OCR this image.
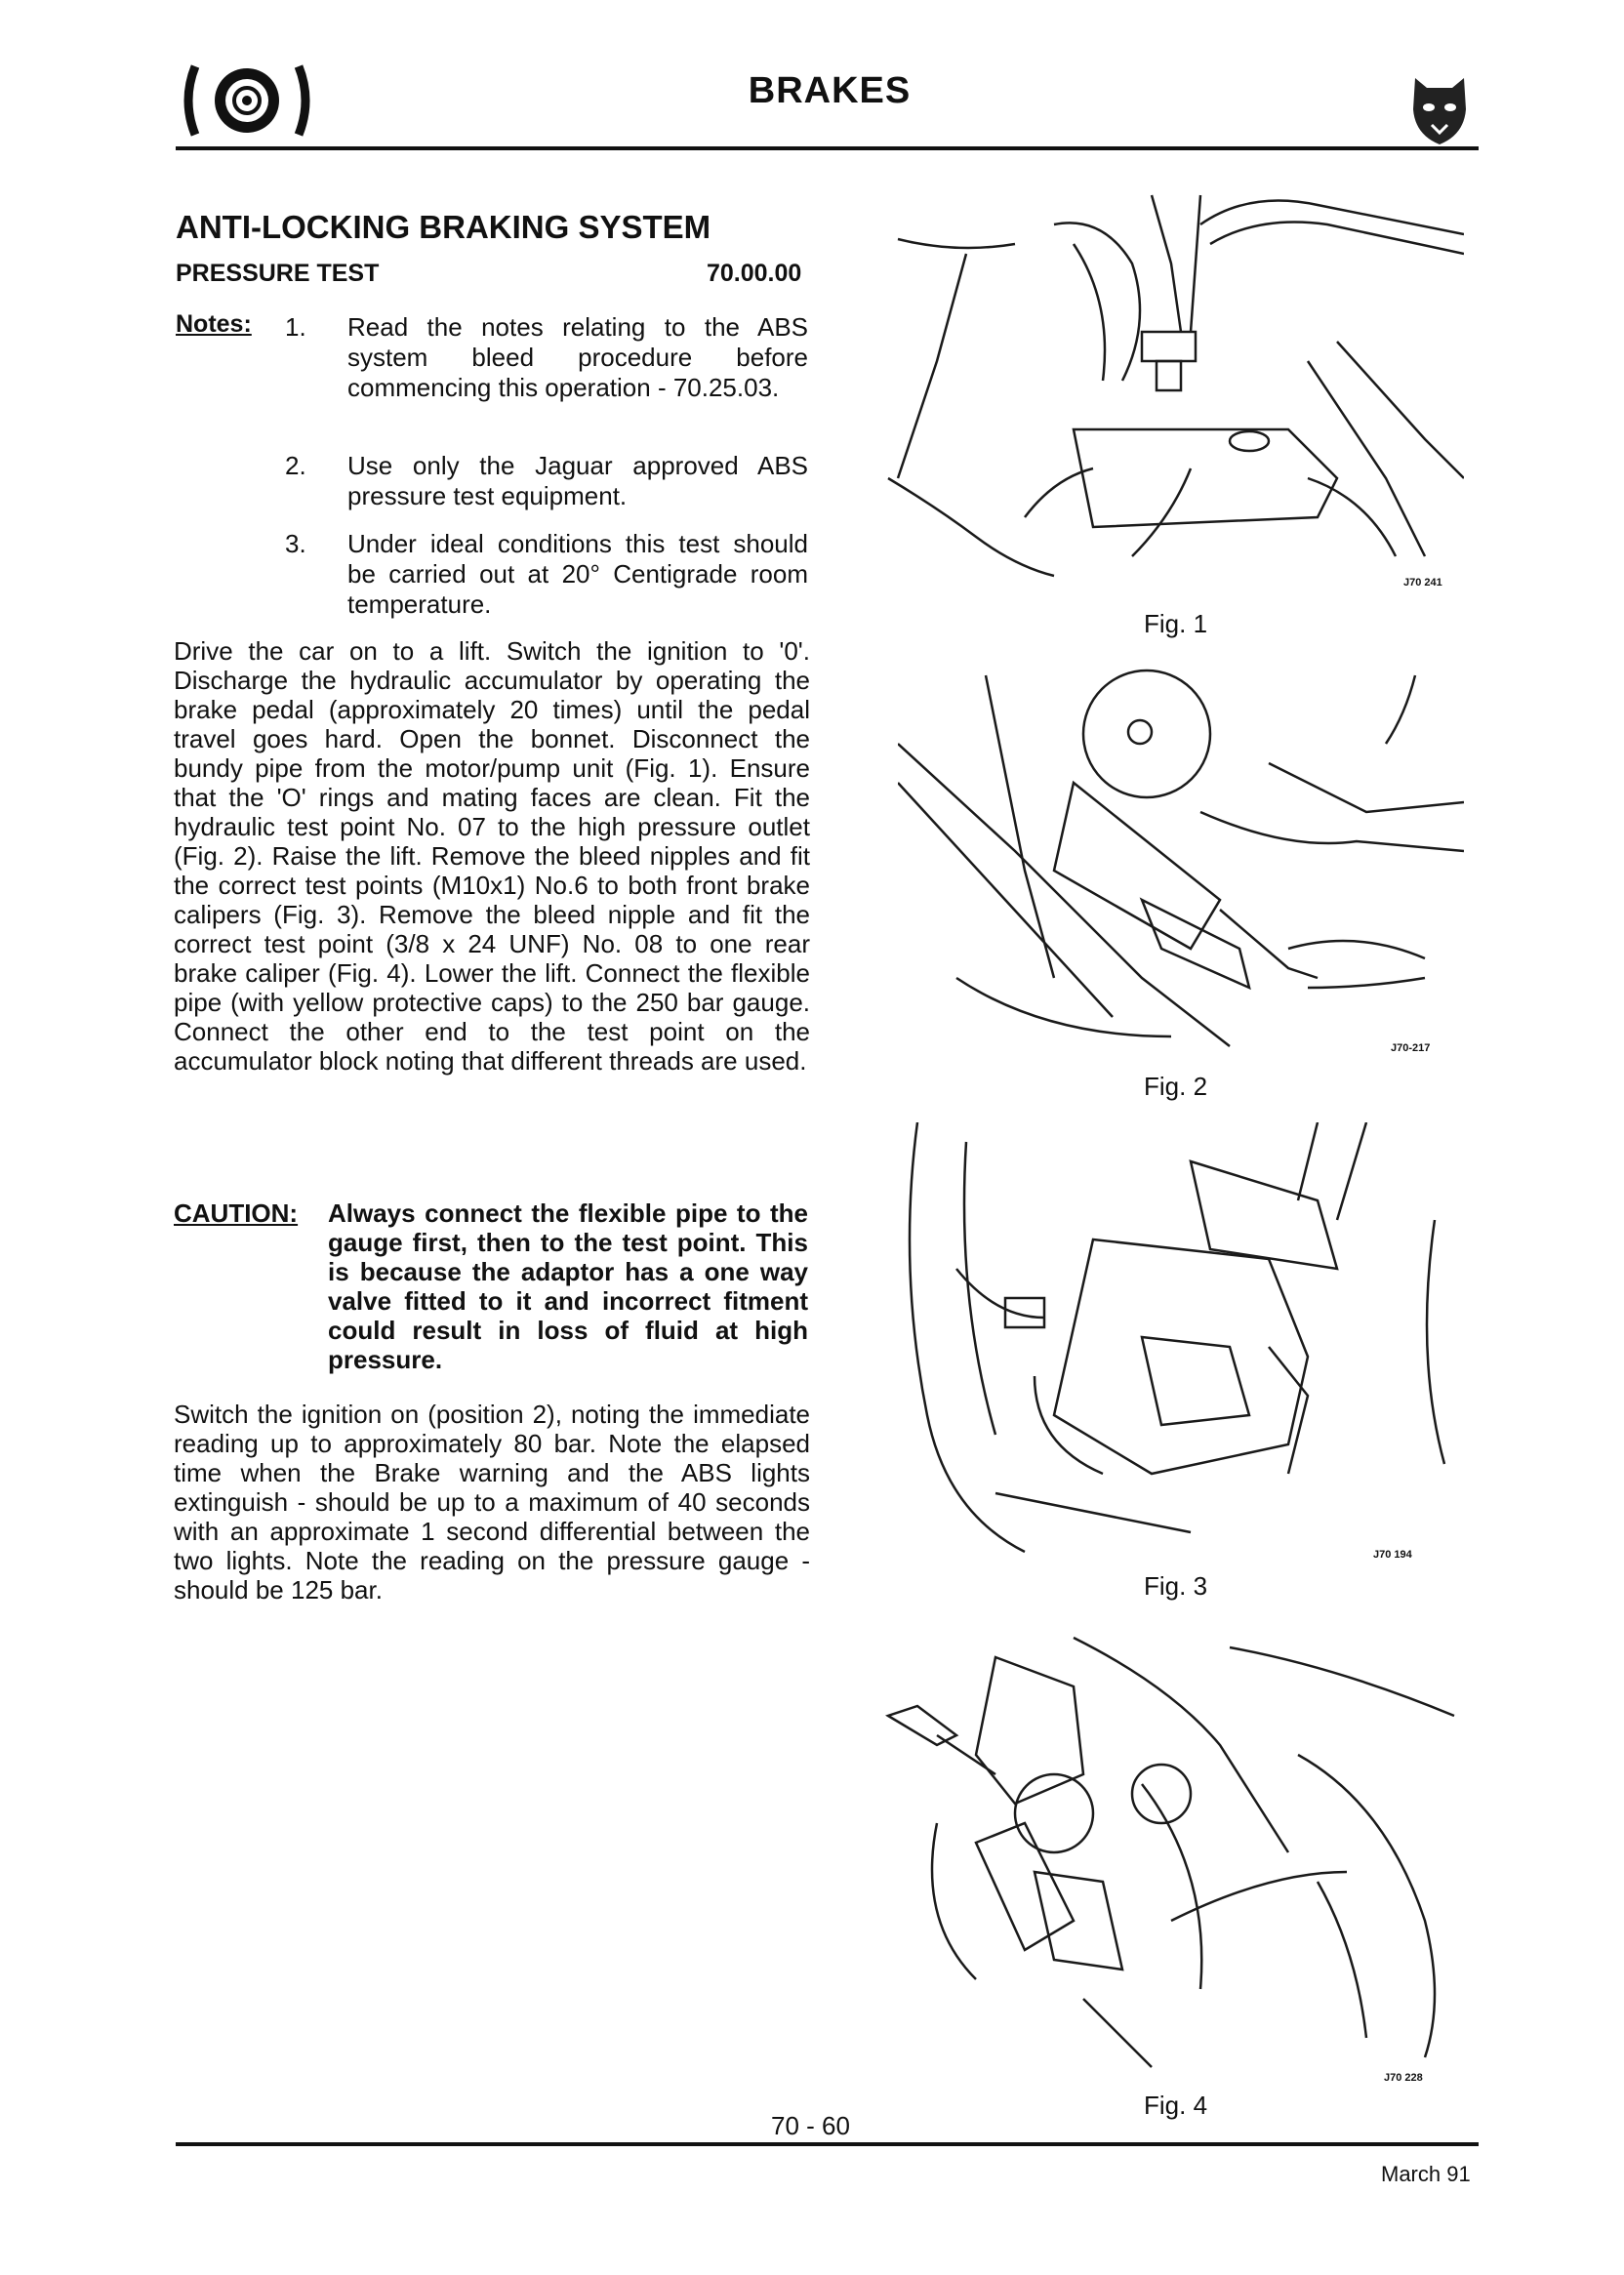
BRAKES
ANTI-LOCKING BRAKING SYSTEM
PRESSURE TEST	70.00.00
Notes: 1. Read the notes relating to the ABS system bleed procedure before commencing this operation - 70.25.03.
2. Use only the Jaguar approved ABS pressure test equipment.
3. Under ideal conditions this test should be carried out at 20° Centigrade room temperature.
Drive the car on to a lift. Switch the ignition to '0'. Discharge the hydraulic accumulator by operating the brake pedal (approximately 20 times) until the pedal travel goes hard. Open the bonnet. Disconnect the bundy pipe from the motor/pump unit (Fig. 1). Ensure that the 'O' rings and mating faces are clean. Fit the hydraulic test point No. 07 to the high pressure outlet (Fig. 2). Raise the lift. Remove the bleed nipples and fit the correct test points (M10x1) No.6 to both front brake calipers (Fig. 3). Remove the bleed nipple and fit the correct test point (3/8 x 24 UNF) No. 08 to one rear brake caliper (Fig. 4). Lower the lift. Connect the flexible pipe (with yellow protective caps) to the 250 bar gauge. Connect the other end to the test point on the accumulator block noting that different threads are used.
CAUTION: Always connect the flexible pipe to the gauge first, then to the test point. This is because the adaptor has a one way valve fitted to it and incorrect fitment could result in loss of fluid at high pressure.
Switch the ignition on (position 2), noting the immediate reading up to approximately 80 bar. Note the elapsed time when the Brake warning and the ABS lights extinguish - should be up to a maximum of 40 seconds with an approximate 1 second differential between the two lights. Note the reading on the pressure gauge - should be 125 bar.
J70 241
Fig. 1
J70-217
Fig. 2
J70 194
Fig. 3
J70 228
Fig. 4
70 - 60
March 91
